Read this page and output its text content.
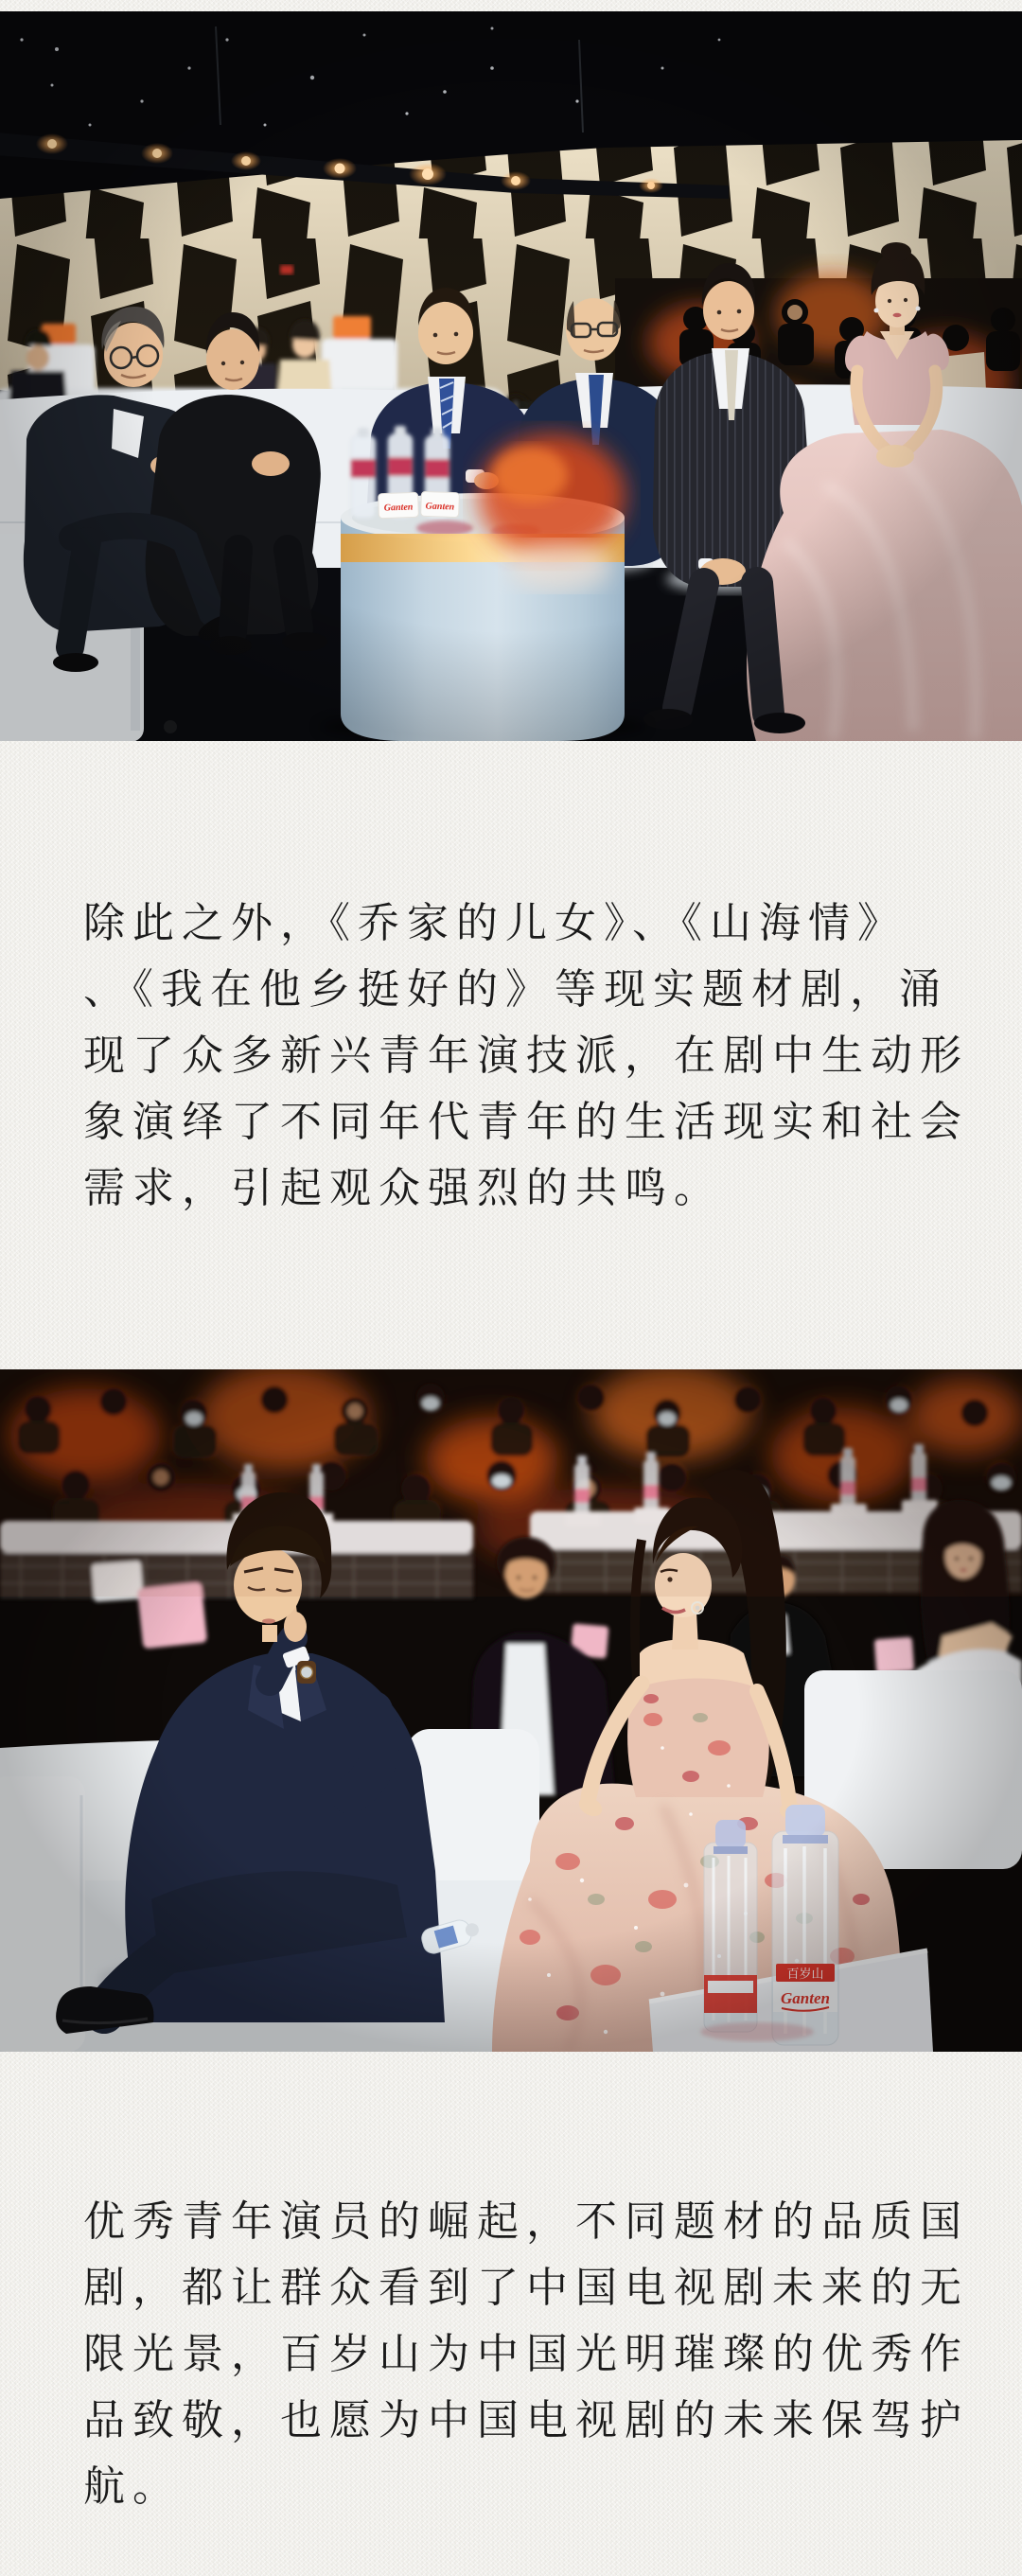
除此之外，《乔家的儿女》、《山海情》
、《我在他乡挺好的》等现实题材剧，涌
现了众多新兴青年演技派，在剧中生动形
象演绎了不同年代青年的生活现实和社会
需求，引起观众强烈的共鸣。
优秀青年演员的崛起，不同题材的品质国
剧，都让群众看到了中国电视剧未来的无
限光景，百岁山为中国光明璀璨的优秀作
品致敬，也愿为中国电视剧的未来保驾护
航。
